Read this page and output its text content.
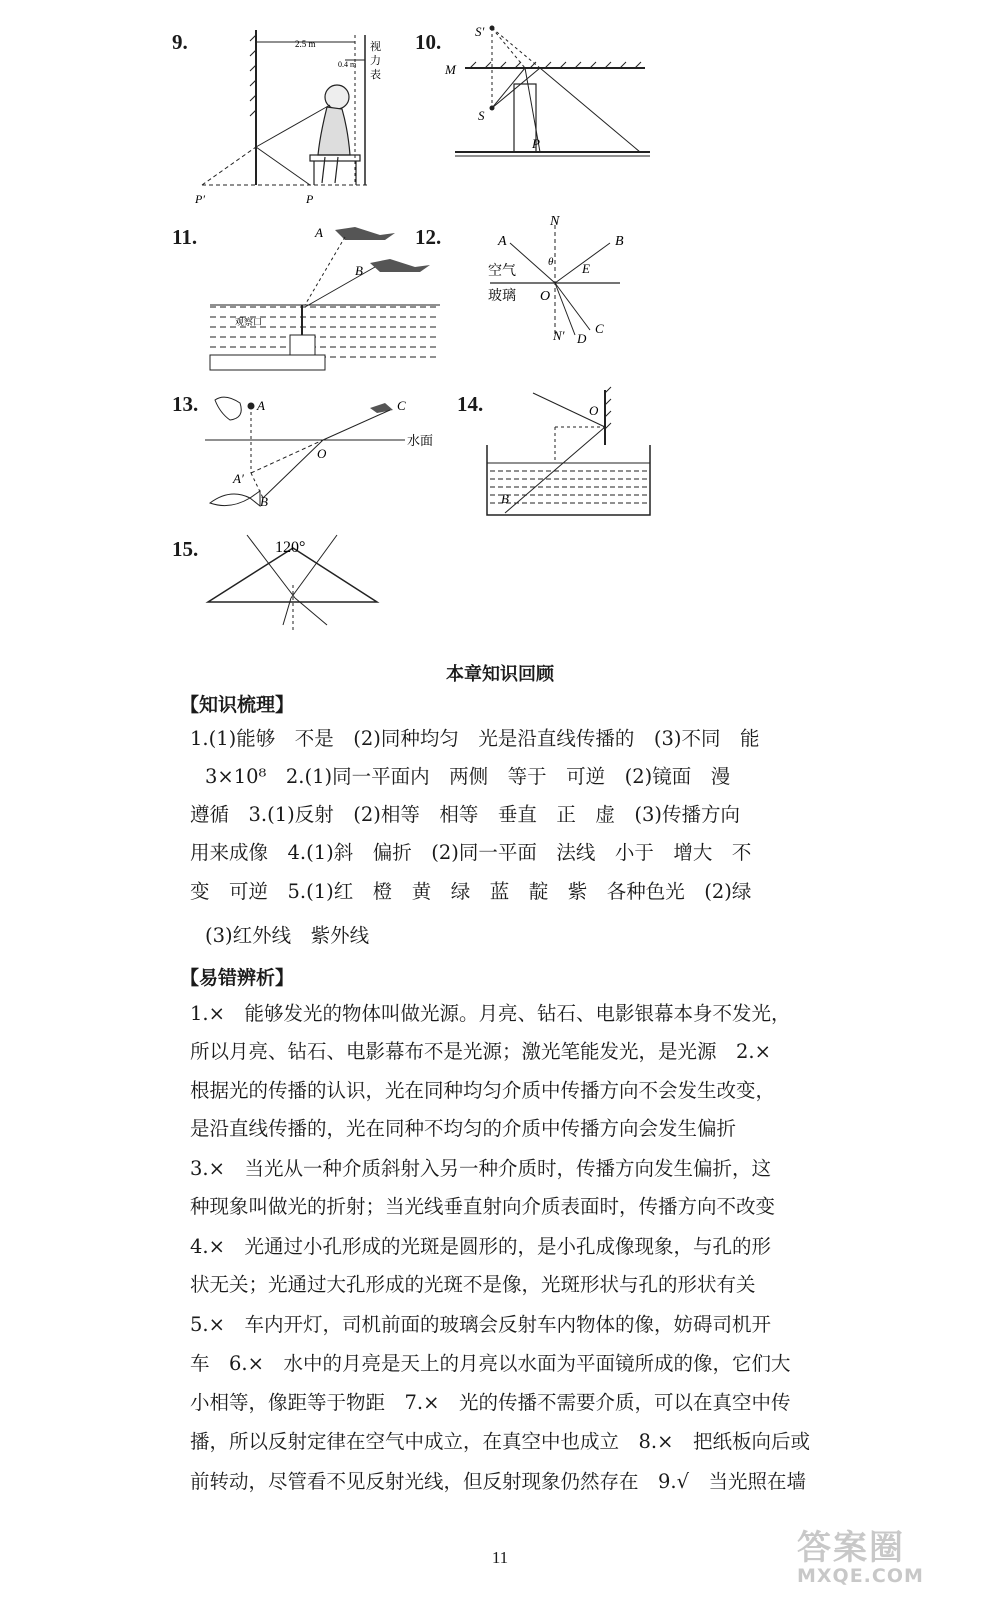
9.	2.5 m
0.4 m
视
力
表
P′	P
10.	S′
M
S
P
11.	A
B
观察口
12.	A
N
B
θ E
空气
玻璃 O
N′ D
C
13.	A	C
水面
A′
O
B
14.	O
B
15.	120°
本章知识回顾
【知识梳理】
1.(1)能够　不是　(2)同种均匀　光是沿直线传播的　(3)不同　能
3×10⁸　2.(1)同一平面内　两侧　等于　可逆　(2)镜面　漫
遵循　3.(1)反射　(2)相等　相等　垂直　正　虚　(3)传播方向
用来成像　4.(1)斜　偏折　(2)同一平面　法线　小于　增大　不
变　可逆　5.(1)红　橙　黄　绿　蓝　靛　紫　各种色光　(2)绿
(3)红外线　紫外线
【易错辨析】
1.×　能够发光的物体叫做光源。月亮、钻石、电影银幕本身不发光，
所以月亮、钻石、电影幕布不是光源；激光笔能发光，是光源　2.×
根据光的传播的认识，光在同种均匀介质中传播方向不会发生改变，
是沿直线传播的，光在同种不均匀的介质中传播方向会发生偏折
3.×　当光从一种介质斜射入另一种介质时，传播方向发生偏折，这
种现象叫做光的折射；当光线垂直射向介质表面时，传播方向不改变
4.×　光通过小孔形成的光斑是圆形的，是小孔成像现象，与孔的形
状无关；光通过大孔形成的光斑不是像，光斑形状与孔的形状有关
5.×　车内开灯，司机前面的玻璃会反射车内物体的像，妨碍司机开
车　6.×　水中的月亮是天上的月亮以水面为平面镜所成的像，它们大
小相等，像距等于物距　7.×　光的传播不需要介质，可以在真空中传
播，所以反射定律在空气中成立，在真空中也成立　8.×　把纸板向后或
前转动，尽管看不见反射光线，但反射现象仍然存在　9.√　当光照在墙
11	答案圈
MXQE.COM
